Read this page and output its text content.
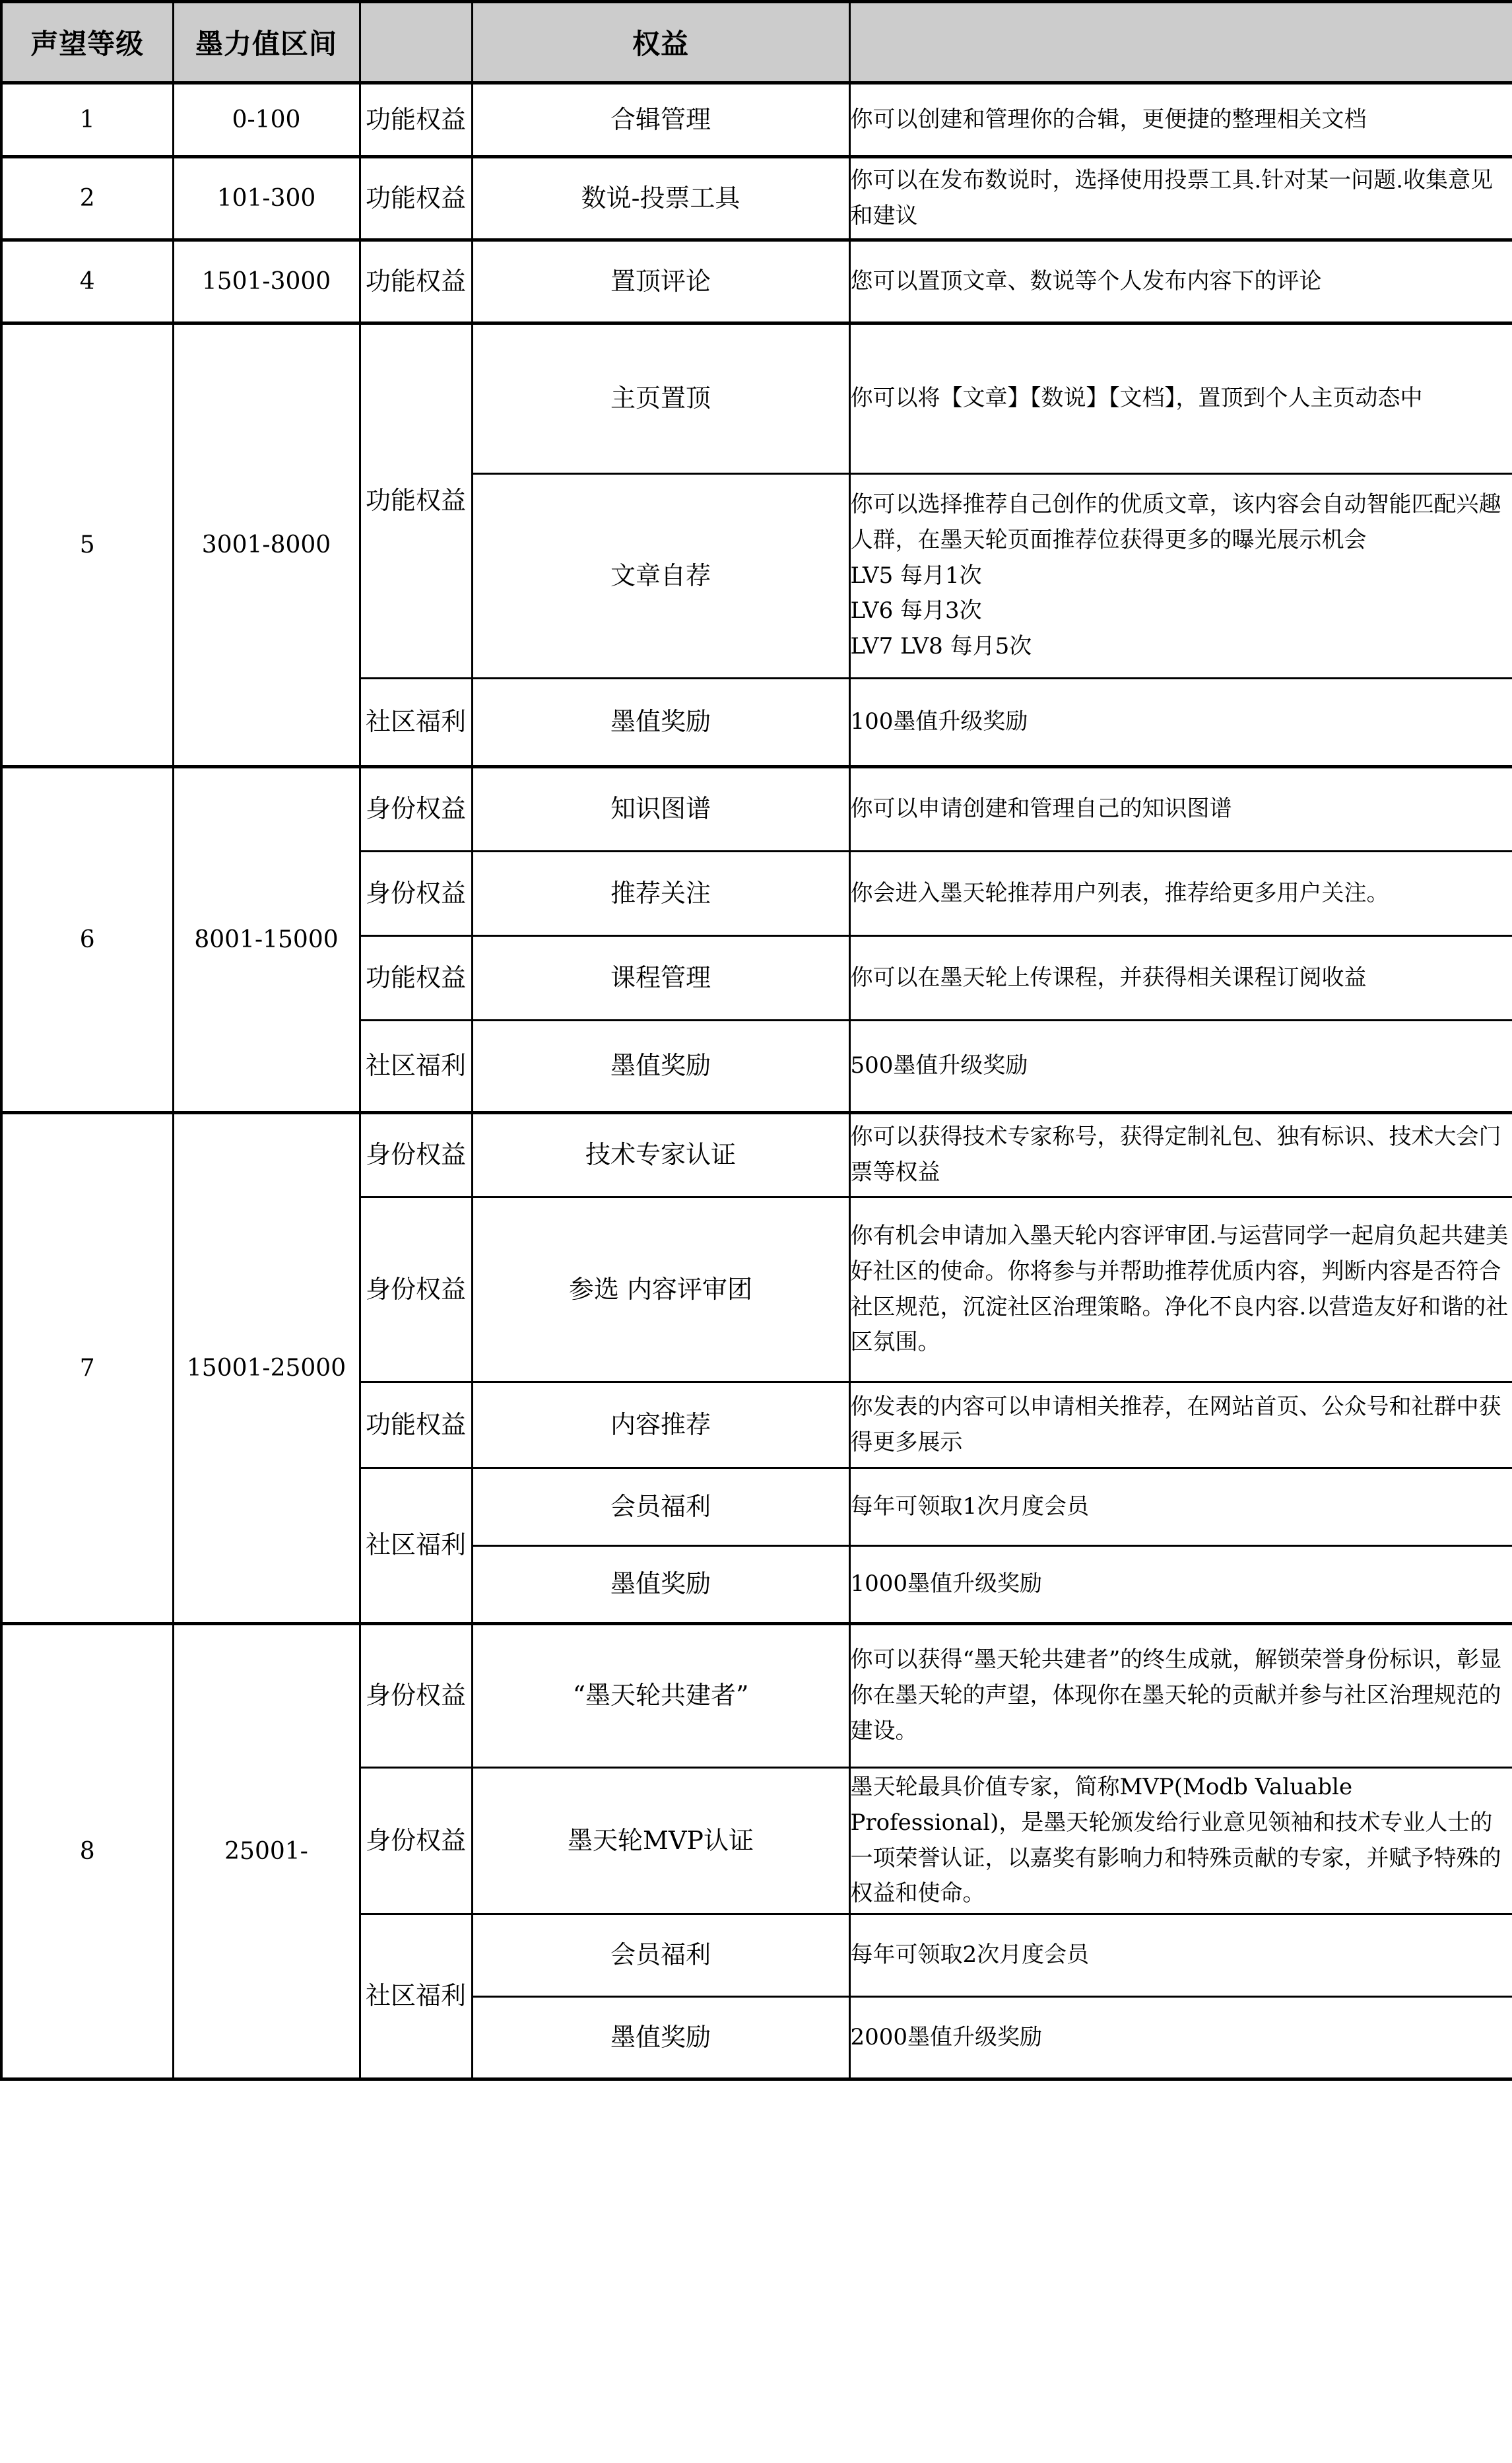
声望等级	墨力值区间		权益	
1	0-100	功能权益	合辑管理	你可以创建和管理你的合辑，更便捷的整理相关文档
2	101-300	功能权益	数说-投票工具	你可以在发布数说时，选择使用投票工具.针对某一问题.收集意见和建议
4	1501-3000	功能权益	置顶评论	您可以置顶文章、数说等个人发布内容下的评论
5	3001-8000	功能权益	主页置顶	你可以将【文章】【数说】【文档】，置顶到个人主页动态中
			文章自荐	你可以选择推荐自己创作的优质文章，该内容会自动智能匹配兴趣人群，在墨天轮页面推荐位获得更多的曝光展示机会
LV5 每月1次
LV6 每月3次
LV7 LV8 每月5次

		社区福利	墨值奖励	100墨值升级奖励
6	8001-15000	身份权益	知识图谱	你可以申请创建和管理自己的知识图谱
		身份权益	推荐关注	你会进入墨天轮推荐用户列表，推荐给更多用户关注。
		功能权益	课程管理	你可以在墨天轮上传课程，并获得相关课程订阅收益
		社区福利	墨值奖励	500墨值升级奖励
7	15001-25000	身份权益	技术专家认证	你可以获得技术专家称号，获得定制礼包、独有标识、技术大会门票等权益
		身份权益	参选 内容评审团	你有机会申请加入墨天轮内容评审团.与运营同学一起肩负起共建美好社区的使命。你将参与并帮助推荐优质内容，判断内容是否符合社区规范，沉淀社区治理策略。净化不良内容.以营造友好和谐的社区氛围。
		功能权益	内容推荐	你发表的内容可以申请相关推荐，在网站首页、公众号和社群中获得更多展示
		社区福利	会员福利	每年可领取1次月度会员
			墨值奖励	1000墨值升级奖励
8	25001-	身份权益	“墨天轮共建者”	你可以获得“墨天轮共建者”的终生成就，解锁荣誉身份标识，彰显你在墨天轮的声望，体现你在墨天轮的贡献并参与社区治理规范的建设。
		身份权益	墨天轮MVP认证	墨天轮最具价值专家，简称MVP(Modb Valuable Professional)，是墨天轮颁发给行业意见领袖和技术专业人士的一项荣誉认证，以嘉奖有影响力和特殊贡献的专家，并赋予特殊的权益和使命。
		社区福利	会员福利	每年可领取2次月度会员
			墨值奖励	2000墨值升级奖励
